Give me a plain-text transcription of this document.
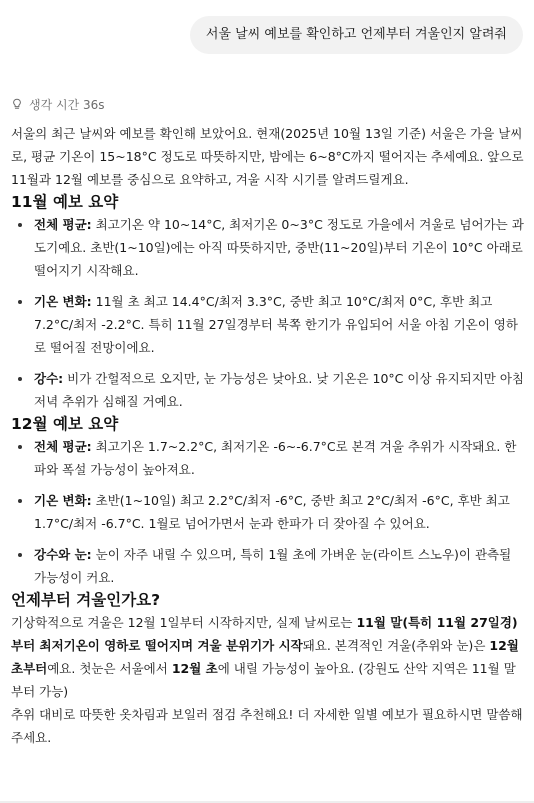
서울 날씨 예보를 확인하고 언제부터 겨울인지 알려줘
생각 시간 36s

서울의 최근 날씨와 예보를 확인해 보았어요. 현재(2025년 10월 13일 기준) 서울은 가을 날씨로, 평균 기온이 15~18°C 정도로 따뜻하지만, 밤에는 6~8°C까지 떨어지는 추세예요. 앞으로 11월과 12월 예보를 중심으로 요약하고, 겨울 시작 시기를 알려드릴게요.

11월 예보 요약
전체 평균: 최고기온 약 10~14°C, 최저기온 0~3°C 정도로 가을에서 겨울로 넘어가는 과도기예요. 초반(1~10일)에는 아직 따뜻하지만, 중반(11~20일)부터 기온이 10°C 아래로 떨어지기 시작해요.
기온 변화: 11월 초 최고 14.4°C/최저 3.3°C, 중반 최고 10°C/최저 0°C, 후반 최고 7.2°C/최저 -2.2°C. 특히 11월 27일경부터 북쪽 한기가 유입되어 서울 아침 기온이 영하로 떨어질 전망이에요.
강수: 비가 간헐적으로 오지만, 눈 가능성은 낮아요. 낮 기온은 10°C 이상 유지되지만 아침저녁 추위가 심해질 거예요.
12월 예보 요약
전체 평균: 최고기온 1.7~2.2°C, 최저기온 -6~-6.7°C로 본격 겨울 추위가 시작돼요. 한파와 폭설 가능성이 높아져요.
기온 변화: 초반(1~10일) 최고 2.2°C/최저 -6°C, 중반 최고 2°C/최저 -6°C, 후반 최고 1.7°C/최저 -6.7°C. 1월로 넘어가면서 눈과 한파가 더 잦아질 수 있어요.
강수와 눈: 눈이 자주 내릴 수 있으며, 특히 1월 초에 가벼운 눈(라이트 스노우)이 관측될 가능성이 커요.
언제부터 겨울인가요?

기상학적으로 겨울은 12월 1일부터 시작하지만, 실제 날씨로는 11월 말(특히 11월 27일경)부터 최저기온이 영하로 떨어지며 겨울 분위기가 시작돼요. 본격적인 겨울(추위와 눈)은 12월 초부터예요. 첫눈은 서울에서 12월 초에 내릴 가능성이 높아요. (강원도 산악 지역은 11월 말부터 가능)

추위 대비로 따뜻한 옷차림과 보일러 점검 추천해요! 더 자세한 일별 예보가 필요하시면 말씀해주세요.
